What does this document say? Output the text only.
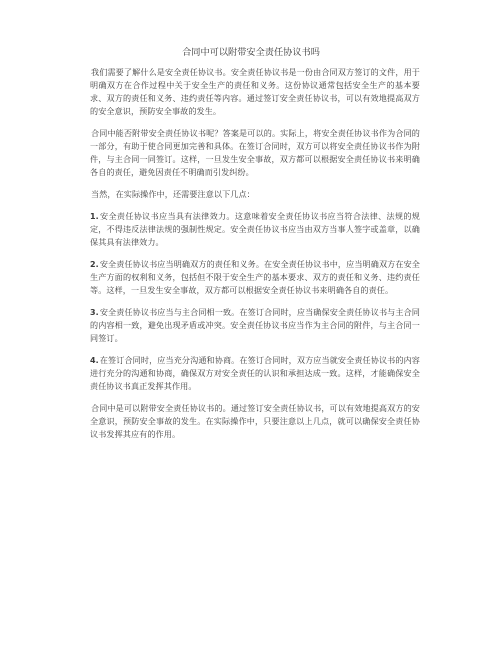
合同中可以附带安全责任协议书吗

我们需要了解什么是安全责任协议书。安全责任协议书是一份由合同双方签订的文件，用于明确双方在合作过程中关于安全生产的责任和义务。这份协议通常包括安全生产的基本要求、双方的责任和义务、违约责任等内容。通过签订安全责任协议书，可以有效地提高双方的安全意识，预防安全事故的发生。

合同中能否附带安全责任协议书呢？答案是可以的。实际上，将安全责任协议书作为合同的一部分，有助于使合同更加完善和具体。在签订合同时，双方可以将安全责任协议书作为附件，与主合同一同签订。这样，一旦发生安全事故，双方都可以根据安全责任协议书来明确各自的责任，避免因责任不明确而引发纠纷。

当然，在实际操作中，还需要注意以下几点：

1.安全责任协议书应当具有法律效力。这意味着安全责任协议书应当符合法律、法规的规定，不得违反法律法规的强制性规定。安全责任协议书应当由双方当事人签字或盖章，以确保其具有法律效力。

2.安全责任协议书应当明确双方的责任和义务。在安全责任协议书中，应当明确双方在安全生产方面的权利和义务，包括但不限于安全生产的基本要求、双方的责任和义务、违约责任等。这样，一旦发生安全事故，双方都可以根据安全责任协议书来明确各自的责任。

3.安全责任协议书应当与主合同相一致。在签订合同时，应当确保安全责任协议书与主合同的内容相一致，避免出现矛盾或冲突。安全责任协议书应当作为主合同的附件，与主合同一同签订。

4.在签订合同时，应当充分沟通和协商。在签订合同时，双方应当就安全责任协议书的内容进行充分的沟通和协商，确保双方对安全责任的认识和承担达成一致。这样，才能确保安全责任协议书真正发挥其作用。

合同中是可以附带安全责任协议书的。通过签订安全责任协议书，可以有效地提高双方的安全意识，预防安全事故的发生。在实际操作中，只要注意以上几点，就可以确保安全责任协议书发挥其应有的作用。
